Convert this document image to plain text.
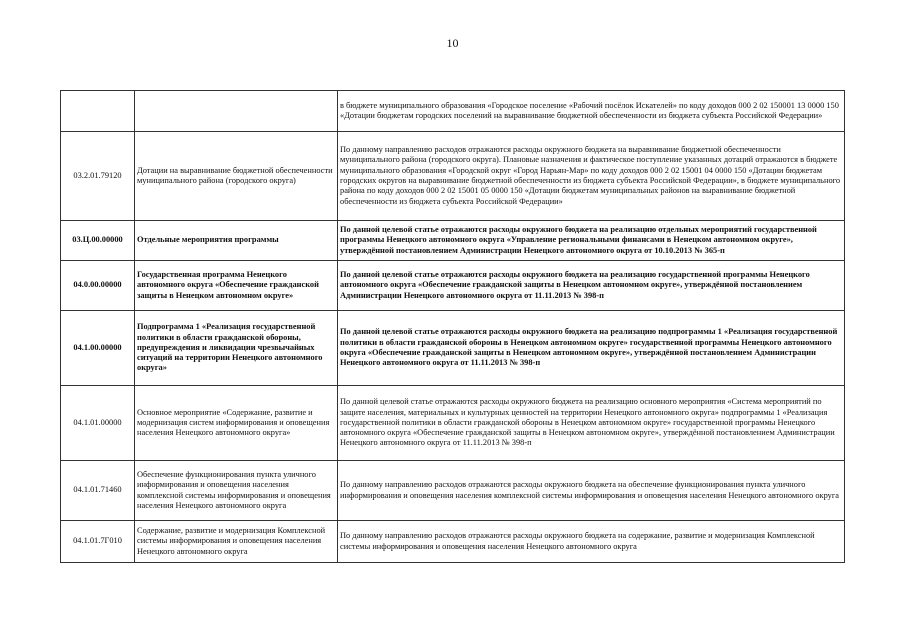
10
		в бюджете муниципального образования «Городское поселение «Рабочий посёлок Искателей» по коду доходов 000 2 02 150001 13 0000 150 «Дотации бюджетам городских поселений на выравнивание бюджетной обеспеченности из бюджета субъекта Российской Федерации»
03.2.01.79120	Дотации на выравнивание бюджетной обеспеченности муниципального района (городского округа)	По данному направлению расходов отражаются расходы окружного бюджета на выравнивание бюджетной обеспеченности муниципального района (городского округа). Плановые назначения и фактическое поступление указанных дотаций отражаются в бюджете муниципального образования «Городской округ «Город Нарьян-Мар» по коду доходов 000 2 02 15001 04 0000 150 «Дотации бюджетам городских округов на выравнивание бюджетной обеспеченности из бюджета субъекта Российской Федерации», в бюджете муниципального района по коду доходов 000 2 02 15001 05 0000 150 «Дотации бюджетам муниципальных районов на выравнивание бюджетной обеспеченности из бюджета субъекта Российской Федерации»
03.Ц.00.00000	Отдельные мероприятия программы	По данной целевой статье отражаются расходы окружного бюджета на реализацию отдельных мероприятий государственной программы Ненецкого автономного округа «Управление региональными финансами в Ненецком автономном округе», утверждённой постановлением Администрации Ненецкого автономного округа от 10.10.2013 № 365-п
04.0.00.00000	Государственная программа Ненецкого автономного округа «Обеспечение гражданской защиты в Ненецком автономном округе»	По данной целевой статье отражаются расходы окружного бюджета на реализацию государственной программы Ненецкого автономного округа «Обеспечение гражданской защиты в Ненецком автономном округе», утверждённой постановлением Администрации Ненецкого автономного округа от 11.11.2013 № 398-п
04.1.00.00000	Подпрограмма 1 «Реализация государственной политики в области гражданской обороны, предупреждения и ликвидации чрезвычайных ситуаций на территории Ненецкого автономного округа»	По данной целевой статье отражаются расходы окружного бюджета на реализацию подпрограммы 1 «Реализация государственной политики в области гражданской обороны в Ненецком автономном округе» государственной программы Ненецкого автономного округа «Обеспечение гражданской защиты в Ненецком автономном округе», утверждённой постановлением Администрации Ненецкого автономного округа от 11.11.2013 № 398-п
04.1.01.00000	Основное мероприятие «Содержание, развитие и модернизация систем информирования и оповещения населения Ненецкого автономного округа»	По данной целевой статье отражаются расходы окружного бюджета на реализацию основного мероприятия «Система мероприятий по защите населения, материальных и культурных ценностей на территории Ненецкого автономного округа» подпрограммы 1 «Реализация государственной политики в области гражданской обороны в Ненецком автономном округе» государственной программы Ненецкого автономного округа «Обеспечение гражданской защиты в Ненецком автономном округе», утверждённой постановлением Администрации Ненецкого автономного округа от 11.11.2013 № 398-п
04.1.01.71460	Обеспечение функционирования пункта уличного информирования и оповещения населения комплексной системы информирования и оповещения населения Ненецкого автономного округа	По данному направлению расходов отражаются расходы окружного бюджета на обеспечение функционирования пункта уличного информирования и оповещения населения комплексной системы информирования и оповещения населения Ненецкого автономного округа
04.1.01.7Г010	Содержание, развитие и модернизация Комплексной системы информирования и оповещения населения Ненецкого автономного округа	По данному направлению расходов отражаются расходы окружного бюджета на содержание, развитие и модернизация Комплексной системы информирования и оповещения населения Ненецкого автономного округа
